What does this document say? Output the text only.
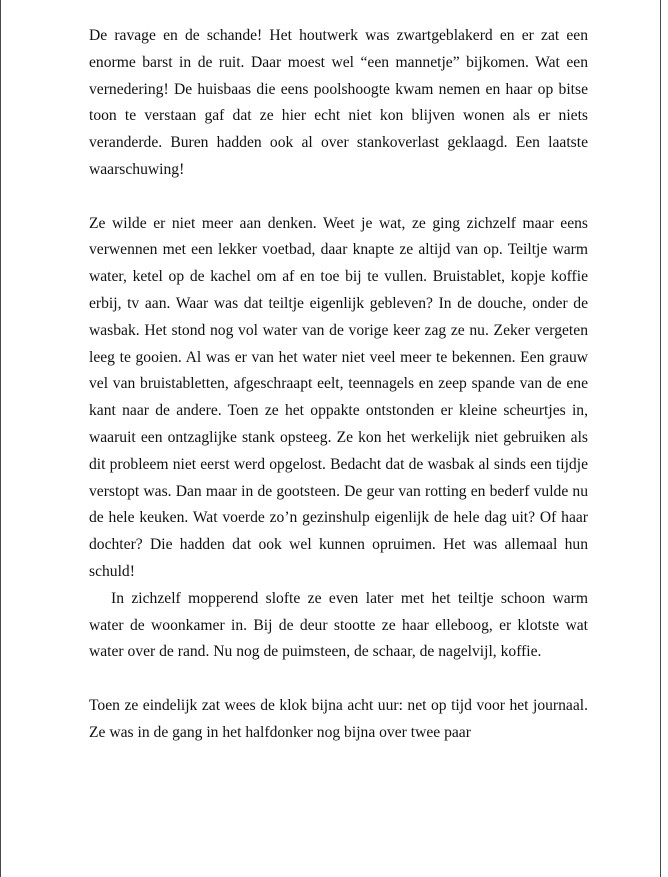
De ravage en de schande! Het houtwerk was zwartgeblakerd en er zat een enorme barst in de ruit. Daar moest wel “een mannetje” bijkomen. Wat een vernedering! De huisbaas die eens poolshoogte kwam nemen en haar op bitse toon te verstaan gaf dat ze hier echt niet kon blijven wonen als er niets veranderde. Buren hadden ook al over stankoverlast geklaagd. Een laatste waarschuwing!

Ze wilde er niet meer aan denken. Weet je wat, ze ging zichzelf maar eens verwennen met een lekker voetbad, daar knapte ze altijd van op. Teiltje warm water, ketel op de kachel om af en toe bij te vullen. Bruistablet, kopje koffie erbij, tv aan. Waar was dat teiltje eigenlijk gebleven? In de douche, onder de wasbak. Het stond nog vol water van de vorige keer zag ze nu. Zeker vergeten leeg te gooien. Al was er van het water niet veel meer te bekennen. Een grauw vel van bruistabletten, afgeschraapt eelt, teennagels en zeep spande van de ene kant naar de andere. Toen ze het oppakte ontstonden er kleine scheurtjes in, waaruit een ontzaglijke stank opsteeg. Ze kon het werkelijk niet gebruiken als dit probleem niet eerst werd opgelost. Bedacht dat de wasbak al sinds een tijdje verstopt was. Dan maar in de gootsteen. De geur van rotting en bederf vulde nu de hele keuken. Wat voerde zo’n gezinshulp eigenlijk de hele dag uit? Of haar dochter? Die hadden dat ook wel kunnen opruimen. Het was allemaal hun schuld!

In zichzelf mopperend slofte ze even later met het teiltje schoon warm water de woonkamer in. Bij de deur stootte ze haar elleboog, er klotste wat water over de rand. Nu nog de puimsteen, de schaar, de nagelvijl, koffie.

Toen ze eindelijk zat wees de klok bijna acht uur: net op tijd voor het journaal. Ze was in de gang in het halfdonker nog bijna over twee paar
